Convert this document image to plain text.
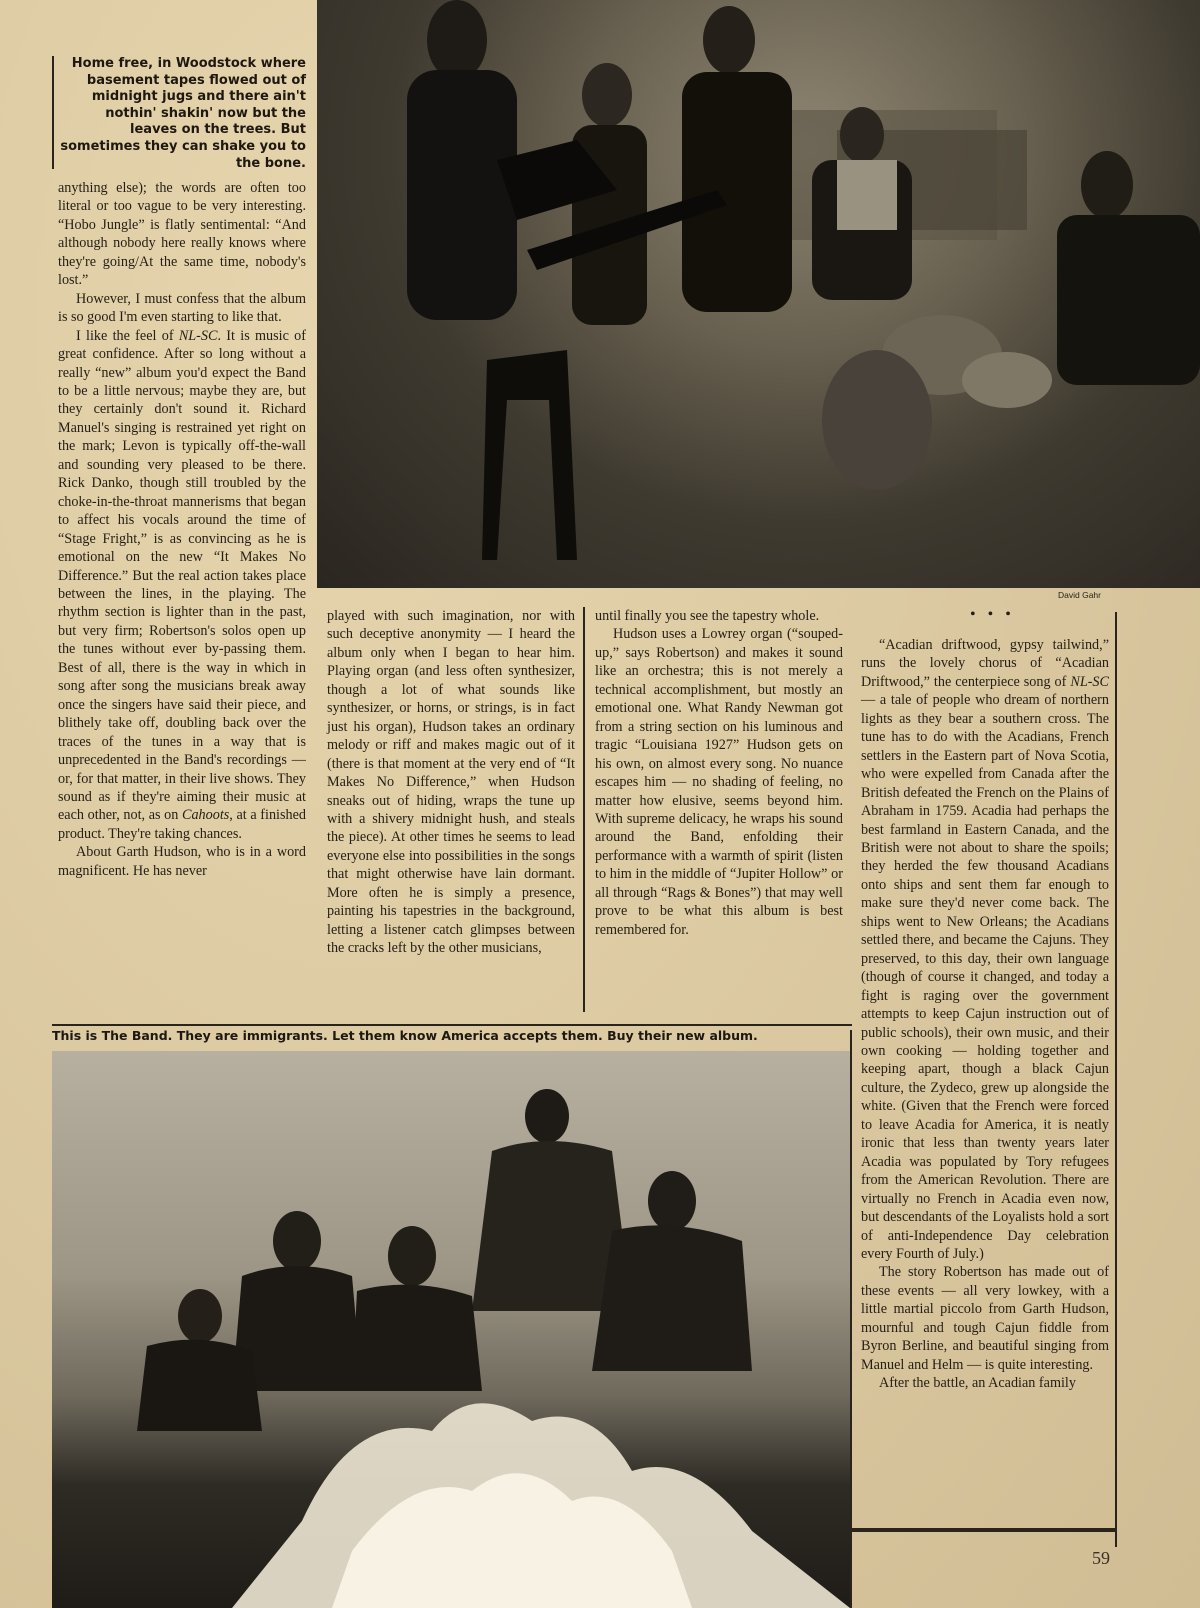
David Gahr
Home free, in Woodstock where basement tapes flowed out of midnight jugs and there ain't nothin' shakin' now but the leaves on the trees. But sometimes they can shake you to the bone.

anything else); the words are often too literal or too vague to be very interesting. “Hobo Jungle” is flatly sentimental: “And although nobody here really knows where they're going/At the same time, nobody's lost.”

However, I must confess that the album is so good I'm even starting to like that.

I like the feel of NL-SC. It is music of great confidence. After so long without a really “new” album you'd expect the Band to be a little nervous; maybe they are, but they certainly don't sound it. Richard Manuel's singing is restrained yet right on the mark; Levon is typically off-the-wall and sounding very pleased to be there. Rick Danko, though still troubled by the choke-in-the-throat mannerisms that began to affect his vocals around the time of “Stage Fright,” is as convincing as he is emotional on the new “It Makes No Difference.” But the real action takes place between the lines, in the playing. The rhythm section is lighter than in the past, but very firm; Robertson's solos open up the tunes without ever by-passing them. Best of all, there is the way in which in song after song the musicians break away once the singers have said their piece, and blithely take off, doubling back over the traces of the tunes in a way that is unprecedented in the Band's recordings — or, for that matter, in their live shows. They sound as if they're aiming their music at each other, not, as on Cahoots, at a finished product. They're taking chances.

About Garth Hudson, who is in a word magnificent. He has never

played with such imagination, nor with such deceptive anonymity — I heard the album only when I began to hear him. Playing organ (and less often synthesizer, though a lot of what sounds like synthesizer, or horns, or strings, is in fact just his organ), Hudson takes an ordinary melody or riff and makes magic out of it (there is that moment at the very end of “It Makes No Difference,” when Hudson sneaks out of hiding, wraps the tune up with a shivery midnight hush, and steals the piece). At other times he seems to lead everyone else into possibilities in the songs that might otherwise have lain dormant. More often he is simply a presence, painting his tapestries in the background, letting a listener catch glimpses between the cracks left by the other musicians,

until finally you see the tapestry whole.

Hudson uses a Lowrey organ (“souped-up,” says Robertson) and makes it sound like an orchestra; this is not merely a technical accomplishment, but mostly an emotional one. What Randy Newman got from a string section on his luminous and tragic “Louisiana 1927” Hudson gets on his own, on almost every song. No nuance escapes him — no shading of feeling, no matter how elusive, seems beyond him. With supreme delicacy, he wraps his sound around the Band, enfolding their performance with a warmth of spirit (listen to him in the middle of “Jupiter Hollow” or all through “Rags & Bones”) that may well prove to be what this album is best remembered for.

This is The Band. They are immigrants. Let them know America accepts them. Buy their new album.
• • •

“Acadian driftwood, gypsy tailwind,” runs the lovely chorus of “Acadian Driftwood,” the centerpiece song of NL-SC — a tale of people who dream of northern lights as they bear a southern cross. The tune has to do with the Acadians, French settlers in the Eastern part of Nova Scotia, who were expelled from Canada after the British defeated the French on the Plains of Abraham in 1759. Acadia had perhaps the best farmland in Eastern Canada, and the British were not about to share the spoils; they herded the few thousand Acadians onto ships and sent them far enough to make sure they'd never come back. The ships went to New Orleans; the Acadians settled there, and became the Cajuns. They preserved, to this day, their own language (though of course it changed, and today a fight is raging over the government attempts to keep Cajun instruction out of public schools), their own music, and their own cooking — holding together and keeping apart, though a black Cajun culture, the Zydeco, grew up alongside the white. (Given that the French were forced to leave Acadia for America, it is neatly ironic that less than twenty years later Acadia was populated by Tory refugees from the American Revolution. There are virtually no French in Acadia even now, but descendants of the Loyalists hold a sort of anti-Independence Day celebration every Fourth of July.)

The story Robertson has made out of these events — all very lowkey, with a little martial piccolo from Garth Hudson, mournful and tough Cajun fiddle from Byron Berline, and beautiful singing from Manuel and Helm — is quite interesting.

After the battle, an Acadian family

59
